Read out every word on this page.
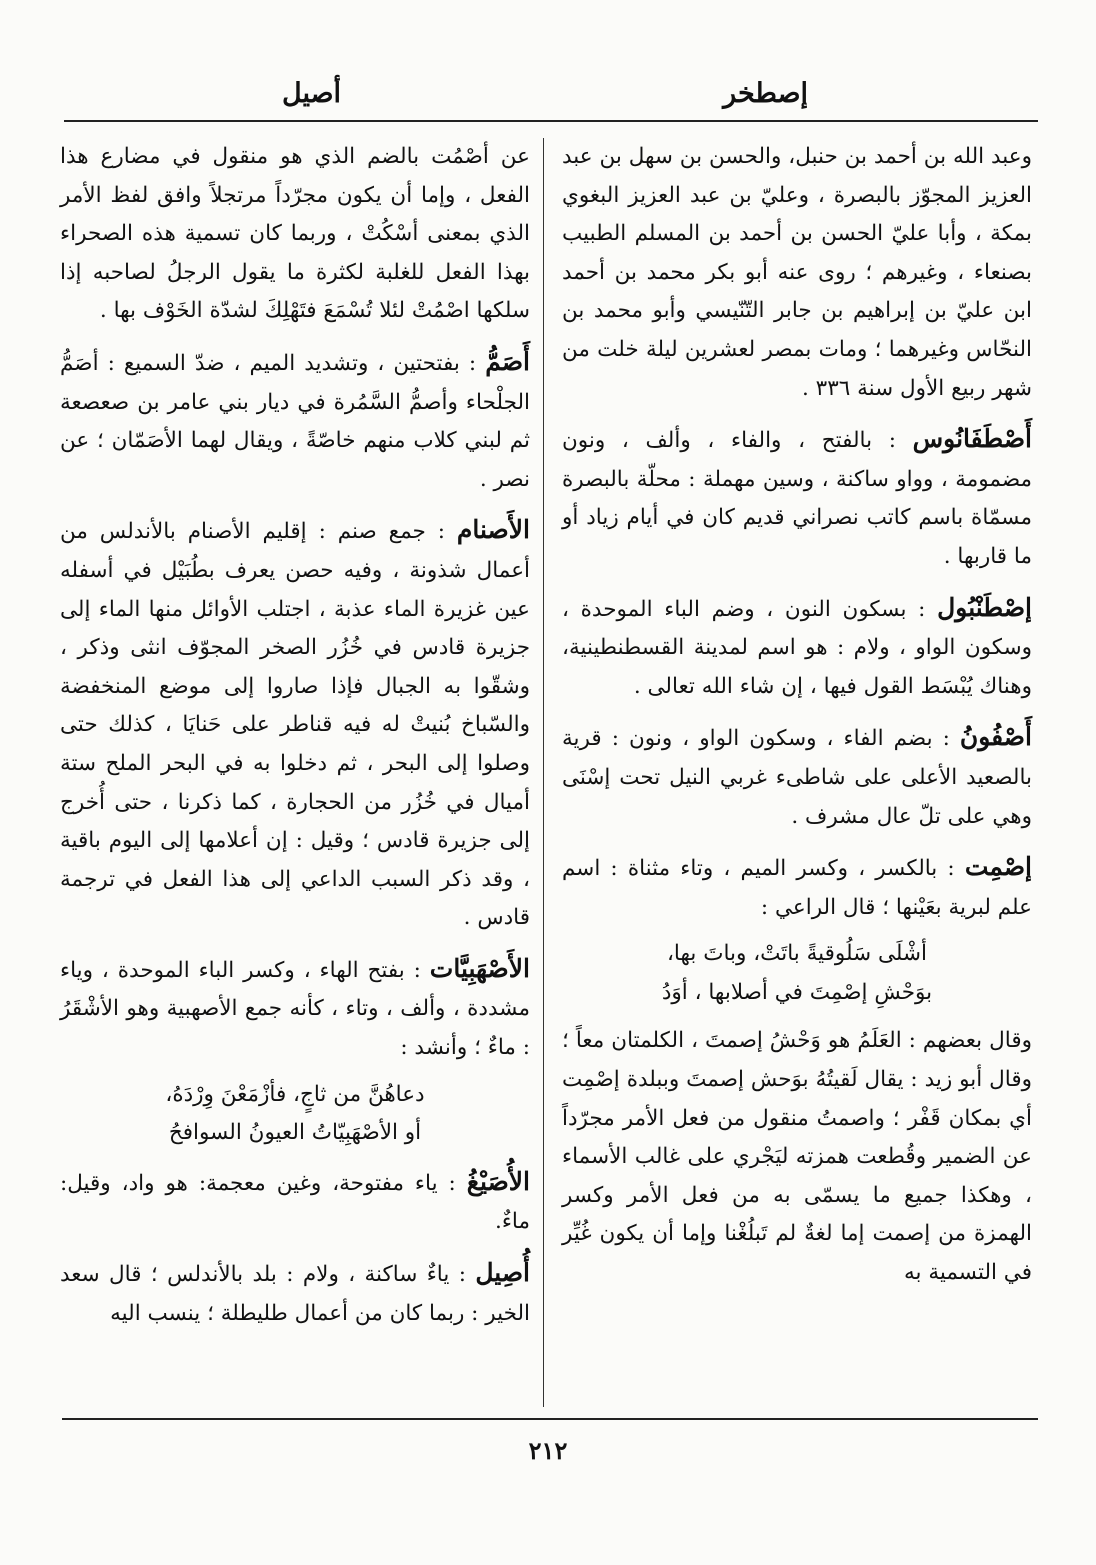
إصطخر
أصيل

وعبد الله بن أحمد بن حنبل، والحسن بن سهل بن عبد العزيز المجوّز بالبصرة ، وعليّ بن عبد العزيز البغوي بمكة ، وأبا عليّ الحسن بن أحمد بن المسلم الطبيب بصنعاء ، وغيرهم ؛ روى عنه أبو بكر محمد بن أحمد ابن عليّ بن إبراهيم بن جابر التّنّيسي وأبو محمد بن النحّاس وغيرهما ؛ ومات بمصر لعشرين ليلة خلت من شهر ربيع الأول سنة ٣٣٦ .

أَصْطَفَانُوس : بالفتح ، والفاء ، وألف ، ونون مضمومة ، وواو ساكنة ، وسين مهملة : محلّة بالبصرة مسمّاة باسم كاتب نصراني قديم كان في أيام زياد أو ما قاربها .

إصْطَنْبُول : بسكون النون ، وضم الباء الموحدة ، وسكون الواو ، ولام : هو اسم لمدينة القسطنطينية، وهناك يُبْسَط القول فيها ، إن شاء الله تعالى .

أَصْفُونُ : بضم الفاء ، وسكون الواو ، ونون : قرية بالصعيد الأعلى على شاطىء غربي النيل تحت إسْنَى وهي على تلّ عال مشرف .

إصْمِت : بالكسر ، وكسر الميم ، وتاء مثناة : اسم علم لبرية بعَيْنها ؛ قال الراعي :

أشْلَى سَلُوقيةً باتَتْ، وباتَ بها،
بوَحْشِ إصْمِتَ في أصلابها ، أوَدُ

وقال بعضهم : العَلَمُ هو وَحْشُ إصمتَ ، الكلمتان معاً ؛ وقال أبو زيد : يقال لَقيتُهُ بوَحش إصمتَ وببلدة إصْمِت أي بمكان قَفْر ؛ واصمتُ منقول من فعل الأمر مجرّداً عن الضمير وقُطعت همزته ليَجْري على غالب الأسماء ، وهكذا جميع ما يسمّى به من فعل الأمر وكسر الهمزة من إصمت إما لغةٌ لم تَبلُغْنا وإما أن يكون غُيِّر في التسمية به

عن أصْمُت بالضم الذي هو منقول في مضارع هذا الفعل ، وإما أن يكون مجرّداً مرتجلاً وافق لفظ الأمر الذي بمعنى أسْكُتْ ، وربما كان تسمية هذه الصحراء بهذا الفعل للغلبة لكثرة ما يقول الرجلُ لصاحبه إذا سلكها اصْمُتْ لئلا تُسْمَعَ فتَهْلِكَ لشدّة الخَوْف بها .

أَصَمُّ : بفتحتين ، وتشديد الميم ، ضدّ السميع : أصَمُّ الجلْحاء وأصمُّ السَّمُرة في ديار بني عامر بن صعصعة ثم لبني كلاب منهم خاصّةً ، ويقال لهما الأصَمّان ؛ عن نصر .

الأَصنام : جمع صنم : إقليم الأصنام بالأندلس من أعمال شذونة ، وفيه حصن يعرف بطُبَيْل في أسفله عين غزيرة الماء عذبة ، اجتلب الأوائل منها الماء إلى جزيرة قادس في خُزُر الصخر المجوّف انثى وذكر ، وشقّوا به الجبال فإذا صاروا إلى موضع المنخفضة والسّباخ بُنيتْ له فيه قناطر على حَنايَا ، كذلك حتى وصلوا إلى البحر ، ثم دخلوا به في البحر الملح ستة أميال في خُزُر من الحجارة ، كما ذكرنا ، حتى أُخرج إلى جزيرة قادس ؛ وقيل : إن أعلامها إلى اليوم باقية ، وقد ذكر السبب الداعي إلى هذا الفعل في ترجمة قادس .

الأَصْهَبِيَّات : بفتح الهاء ، وكسر الباء الموحدة ، وياء مشددة ، وألف ، وتاء ، كأنه جمع الأصهبية وهو الأشْقَرُ : ماءٌ ؛ وأنشد :

دعاهُنَّ من ثاجٍ، فأزْمَعْنَ وِرْدَهُ،
أو الأصْهَبِيّاتُ العيونُ السوافحُ

الأُصَيْغُ : ياء مفتوحة، وغين معجمة: هو واد، وقيل: ماءٌ.

أُصِيل : ياءٌ ساكنة ، ولام : بلد بالأندلس ؛ قال سعد الخير : ربما كان من أعمال طليطلة ؛ ينسب اليه

٢١٢
